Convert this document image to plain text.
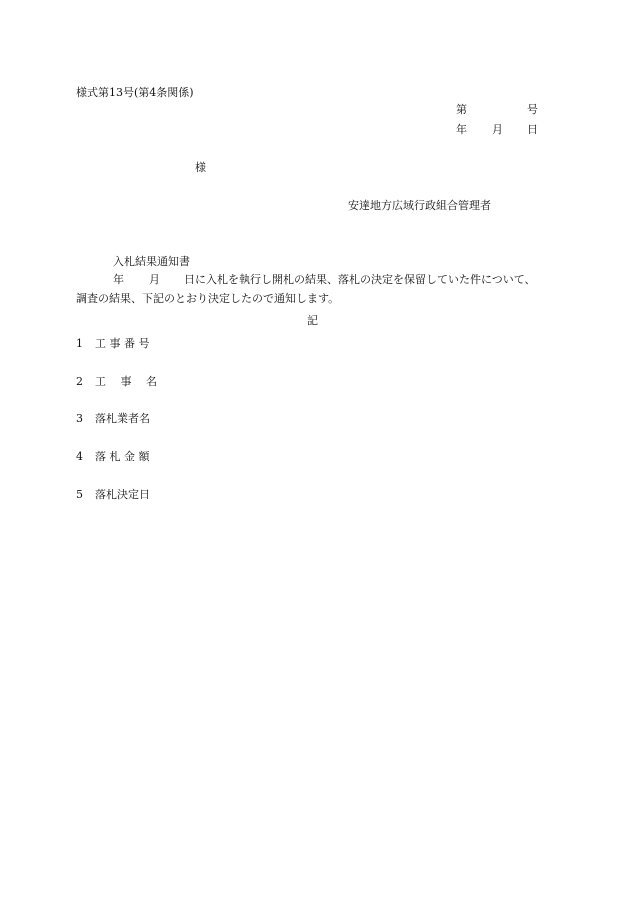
様式第13号(第4条関係)
第	号
年 月 日
様
安達地方広域行政組合管理者
入札結果通知書
年 月 日に入札を執行し開札の結果、落札の決定を保留していた件について、
調査の結果、下記のとおり決定したので通知します。
記
1 工 事 番 号
2 工　 事　 名
3 落札業者名
4 落 札 金 額
5 落札決定日
